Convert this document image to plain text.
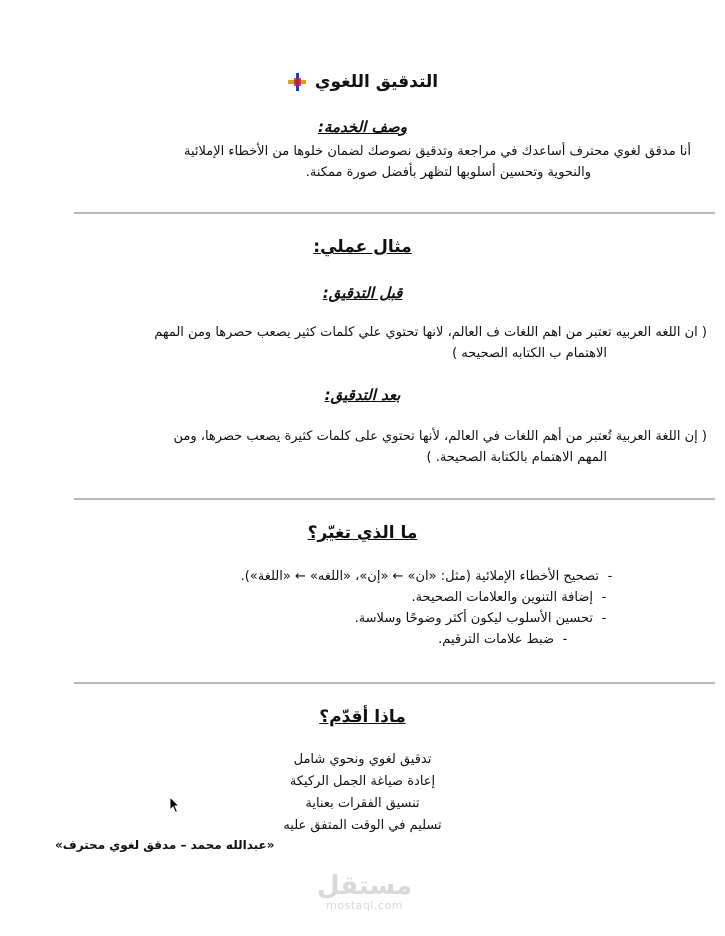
التدقيق اللغوي
وصف الخدمة:
أنا مدقق لغوي محترف أساعدك في مراجعة وتدقيق نصوصك لضمان خلوها من الأخطاء الإملائية
والنحوية وتحسين أسلوبها لتظهر بأفضل صورة ممكنة.
مثال عملي:
قبل التدقيق:
( ان اللغه العربيه تعتبر من اهم اللغات ف العالم، لانها تحتوي علي كلمات كثير يصعب حصرها ومن المهم
الاهتمام ب الكتابه الصحيحه )
بعد التدقيق:
( إن اللغة العربية تُعتبر من أهم اللغات في العالم، لأنها تحتوي على كلمات كثيرة يصعب حصرها، ومن
المهم الاهتمام بالكتابة الصحيحة. )
ما الذي تغيّر؟
-تصحيح الأخطاء الإملائية (مثل: «ان» ← «إن»، «اللغه» ← «اللغة»).
-إضافة التنوين والعلامات الصحيحة.
-تحسين الأسلوب ليكون أكثر وضوحًا وسلاسة.
-ضبط علامات الترقيم.
ماذا أقدّم؟
تدقيق لغوي ونحوي شامل
إعادة صياغة الجمل الركيكة
تنسيق الفقرات بعناية
تسليم في الوقت المتفق عليه
«عبدالله محمد – مدقق لغوي محترف»
مستقل
mostaql.com
